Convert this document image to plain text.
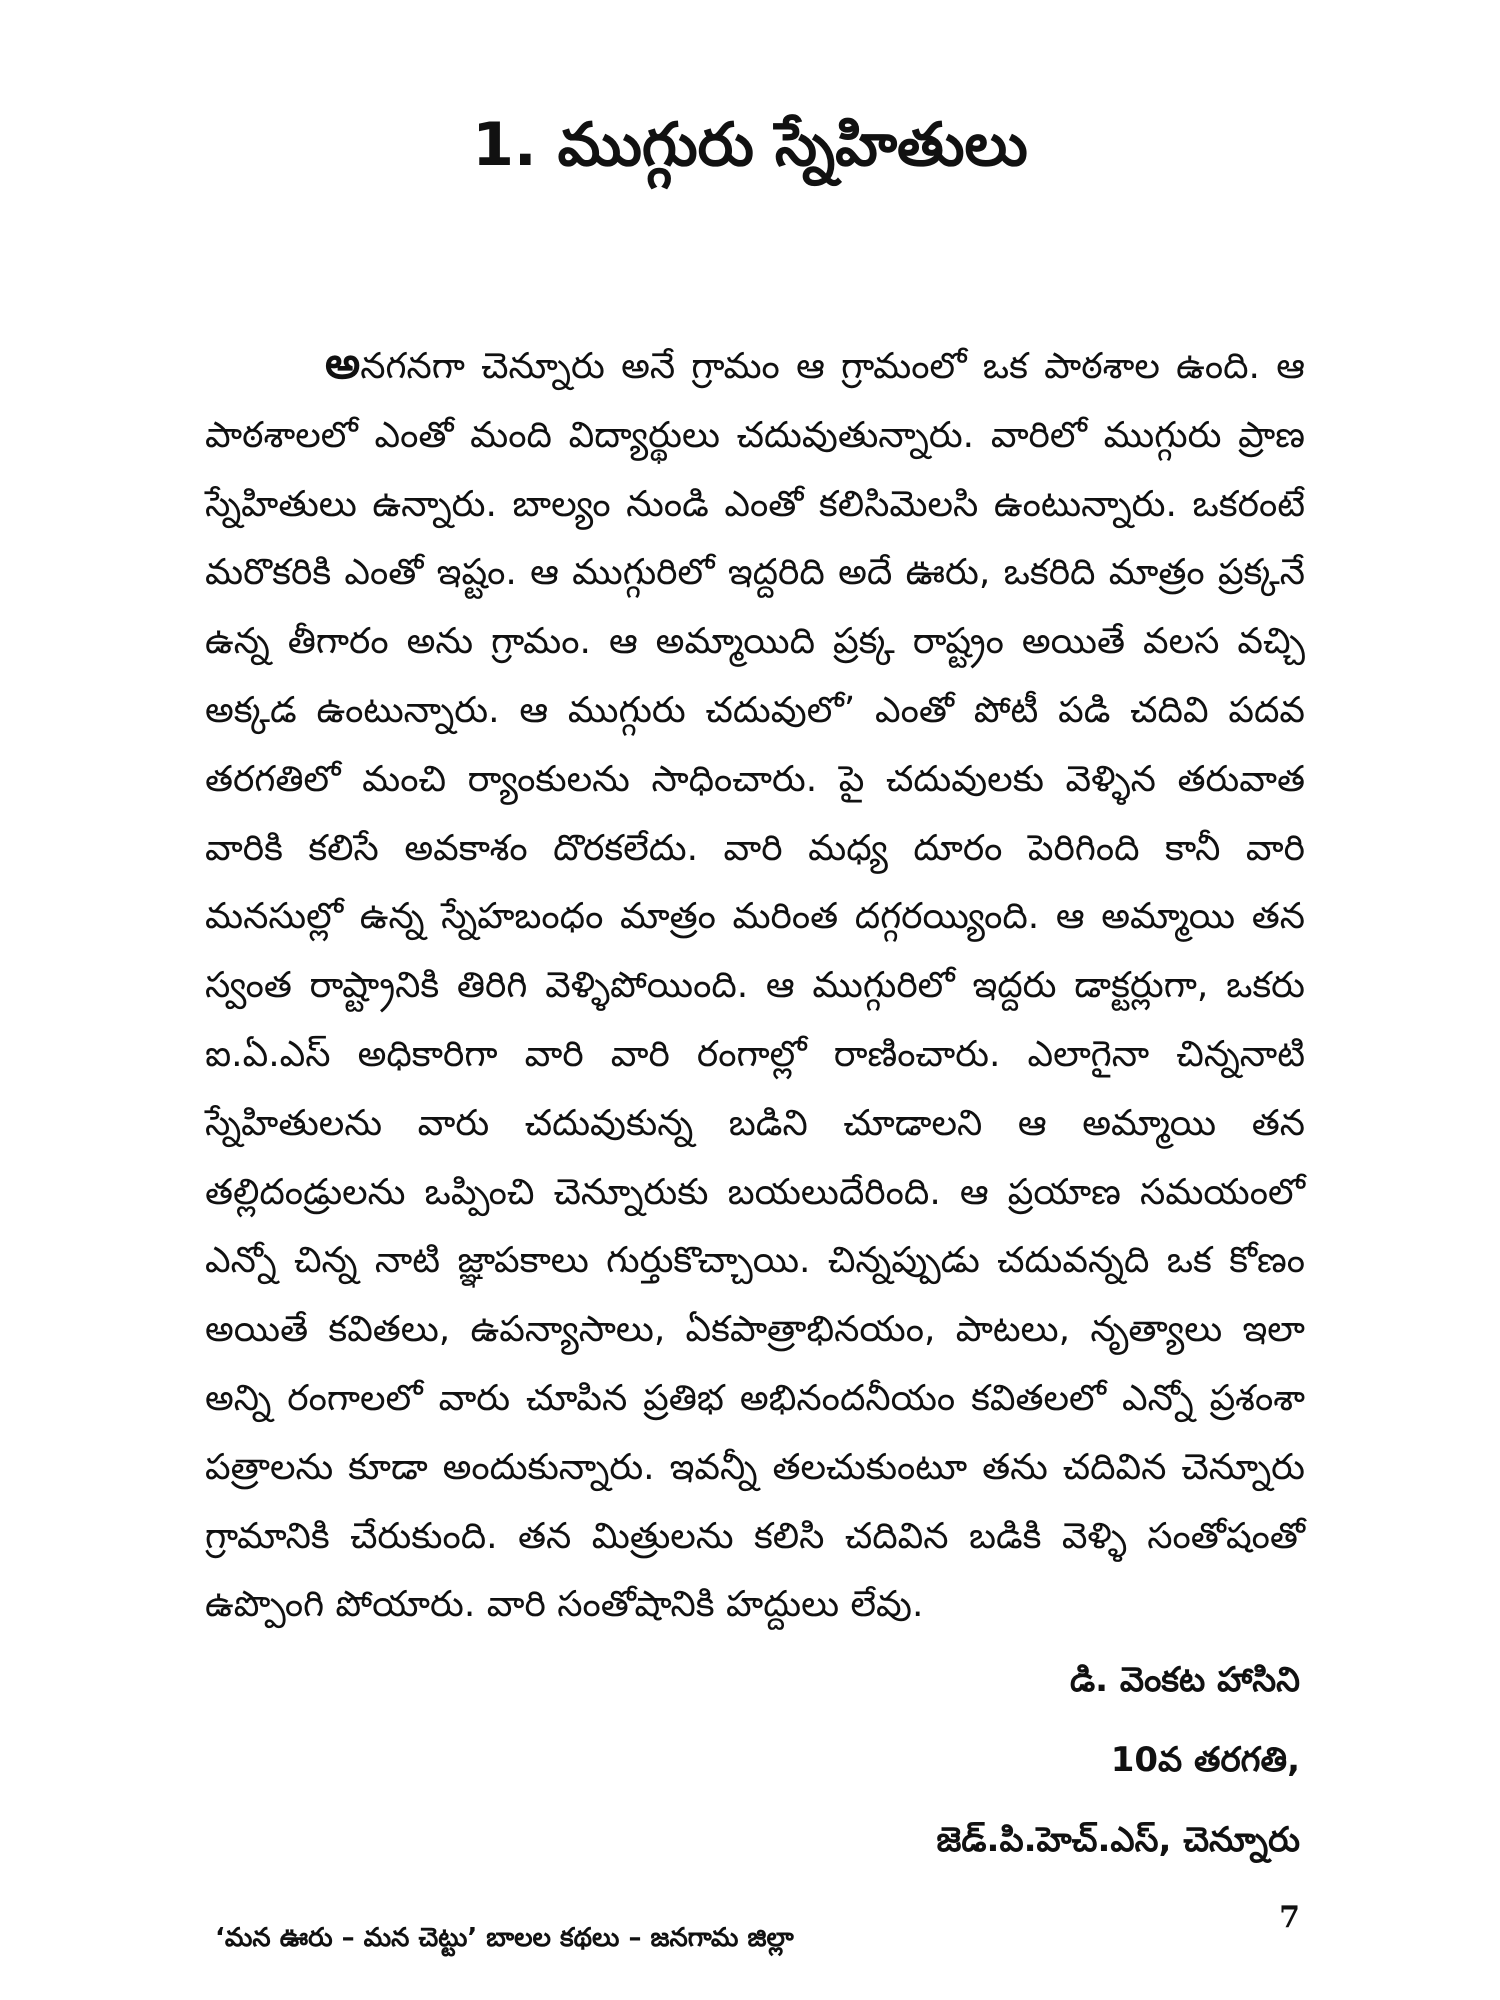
1. ముగ్గురు స్నేహితులు

అనగనగా చెన్నూరు అనే గ్రామం ఆ గ్రామంలో ఒక పాఠశాల ఉంది. ఆ పాఠశాలలో ఎంతో మంది విద్యార్థులు చదువుతున్నారు. వారిలో ముగ్గురు ప్రాణ స్నేహితులు ఉన్నారు. బాల్యం నుండి ఎంతో కలిసిమెలసి ఉంటున్నారు. ఒకరంటే మరొకరికి ఎంతో ఇష్టం. ఆ ముగ్గురిలో ఇద్దరిది అదే ఊరు, ఒకరిది మాత్రం ప్రక్కనే ఉన్న తీగారం అను గ్రామం. ఆ అమ్మాయిది ప్రక్క రాష్ట్రం అయితే వలస వచ్చి అక్కడ ఉంటున్నారు. ఆ ముగ్గురు చదువులో’ ఎంతో పోటీ పడి చదివి పదవ తరగతిలో మంచి ర్యాంకులను సాధించారు. పై చదువులకు వెళ్ళిన తరువాత వారికి కలిసే అవకాశం దొరకలేదు. వారి మధ్య దూరం పెరిగింది కానీ వారి మనసుల్లో ఉన్న స్నేహబంధం మాత్రం మరింత దగ్గరయ్యింది. ఆ అమ్మాయి తన స్వంత రాష్ట్రానికి తిరిగి వెళ్ళిపోయింది. ఆ ముగ్గురిలో ఇద్దరు డాక్టర్లుగా, ఒకరు ఐ.ఏ.ఎస్ అధికారిగా వారి వారి రంగాల్లో రాణించారు. ఎలాగైనా చిన్ననాటి స్నేహితులను వారు చదువుకున్న బడిని చూడాలని ఆ అమ్మాయి తన తల్లిదండ్రులను ఒప్పించి చెన్నూరుకు బయలుదేరింది. ఆ ప్రయాణ సమయంలో ఎన్నో చిన్న నాటి జ్ఞాపకాలు గుర్తుకొచ్చాయి. చిన్నప్పుడు చదువన్నది ఒక కోణం అయితే కవితలు, ఉపన్యాసాలు, ఏకపాత్రాభినయం, పాటలు, నృత్యాలు ఇలా అన్ని రంగాలలో వారు చూపిన ప్రతిభ అభినందనీయం కవితలలో ఎన్నో ప్రశంశా పత్రాలను కూడా అందుకున్నారు. ఇవన్నీ తలచుకుంటూ తను చదివిన చెన్నూరు గ్రామానికి చేరుకుంది. తన మిత్రులను కలిసి చదివిన బడికి వెళ్ళి సంతోషంతో ఉప్పొంగి పోయారు. వారి సంతోషానికి హద్దులు లేవు.

డి. వెంకట హాసిని
10వ తరగతి,
జెడ్.పి.హెచ్.ఎస్, చెన్నూరు
‘మన ఊరు – మన చెట్టు’ బాలల కథలు – జనగామ జిల్లా
7
